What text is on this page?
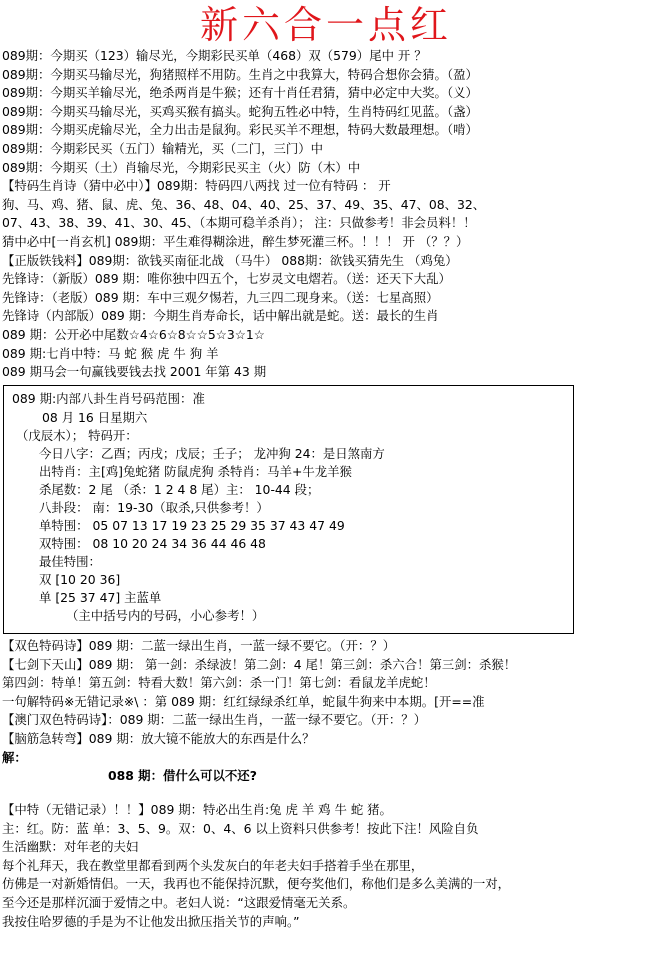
新六合一点红
089期：今期买（123）输尽光，今期彩民买单（468）双（579）尾中 开 ？
089期：今期买马输尽光，狗猪照样不用防。生肖之中我算大，特码合想你会猜。（盈）
089期：今期买羊输尽光，绝杀两肖是牛猴；还有十肖任君猜，猜中必定中大奖。（义）
089期：今期买马输尽光，买鸡买猴有搞头。蛇狗五牲必中特，生肖特码红见蓝。（盏）
089期：今期买虎输尽光，全力出击是鼠狗。彩民买羊不理想，特码大数最理想。（啃）
089期：今期彩民买（五门）输精光，买（二门，三门）中
089期：今期买（土）肖输尽光，今期彩民买主（火）防（木）中
【特码生肖诗（猜中必中）】089期：特码四八两找 过一位有特码 ： 开
狗、马、鸡、猪、鼠、虎、兔、36、48、04、40、25、37、49、35、47、08、32、
07、43、38、39、41、30、45、（本期可稳羊杀肖）； 注：只做参考！非会员料！！
猜中必中[一肖玄机] 089期：平生难得糊涂进，醉生梦死灌三杯。！！！ 开 （？？）
【正版铁钱料】089期：欲钱买南征北战 （马牛） 088期：欲钱买猜先生 （鸡兔）
先锋诗：（新版）089 期：唯你独中四五个，七岁灵文电熠若。（送：还天下大乱）
先锋诗：（老版）089 期：车中三观夕惕若，九三四二现身来。（送：七星高照）
先锋诗（内部版）089 期：今期生肖寿命长，话中解出就是蛇。送：最长的生肖
089 期：公开必中尾数☆4☆6☆8☆☆5☆3☆1☆
089 期:七肖中特：马 蛇 猴 虎 牛 狗 羊
089 期马会一句赢钱要钱去找 2001 年第 43 期
089 期:内部八卦生肖号码范围：准
08 月 16 日星期六
（戊辰木）； 特码开：
今日八字：乙酉；丙戌；戊辰；壬子； 龙冲狗 24：是日煞南方
出特肖：主[鸡]兔蛇猪 防鼠虎狗 杀特肖：马羊+牛龙羊猴
杀尾数：2 尾 （杀：1 2 4 8 尾）主： 10-44 段；
八卦段： 南：19-30（取杀,只供参考！）
单特围： 05 07 13 17 19 23 25 29 35 37 43 47 49
双特围： 08 10 20 24 34 36 44 46 48
最佳特围：
双 [10 20 36]
单 [25 37 47] 主蓝单
（主中括号内的号码，小心参考！）
【双色特码诗】089 期：二蓝一绿出生肖，一蓝一绿不要它。（开：？）
【七剑下天山】089 期： 第一剑：杀绿波！第二剑：4 尾！第三剑：杀六合！第三剑：杀猴！
第四剑：特单！第五剑：特看大数！第六剑：杀一门！第七剑：看鼠龙羊虎蛇！
一句解特码※无错记录※\ ：第 089 期：红红绿绿杀红单，蛇鼠牛狗来中本期。[开==准
【澳门双色特码诗】：089 期：二蓝一绿出生肖，一蓝一绿不要它。（开：？）
【脑筋急转弯】089 期：放大镜不能放大的东西是什么？
解：
088 期：借什么可以不还?
【中特（无错记录）！！】089 期：特必出生肖:兔 虎 羊 鸡 牛 蛇 猪。
主：红。防：蓝 单：3、5、9。双：0、4、6 以上资料只供参考！按此下注！风险自负
生活幽默：对年老的夫妇
每个礼拜天，我在教堂里都看到两个头发灰白的年老夫妇手搭着手坐在那里，
仿佛是一对新婚情侣。一天，我再也不能保持沉默，便夸奖他们，称他们是多么美满的一对，
至今还是那样沉湎于爱情之中。老妇人说：“这跟爱情毫无关系。
我按住哈罗德的手是为不让他发出掀压指关节的声响。”
